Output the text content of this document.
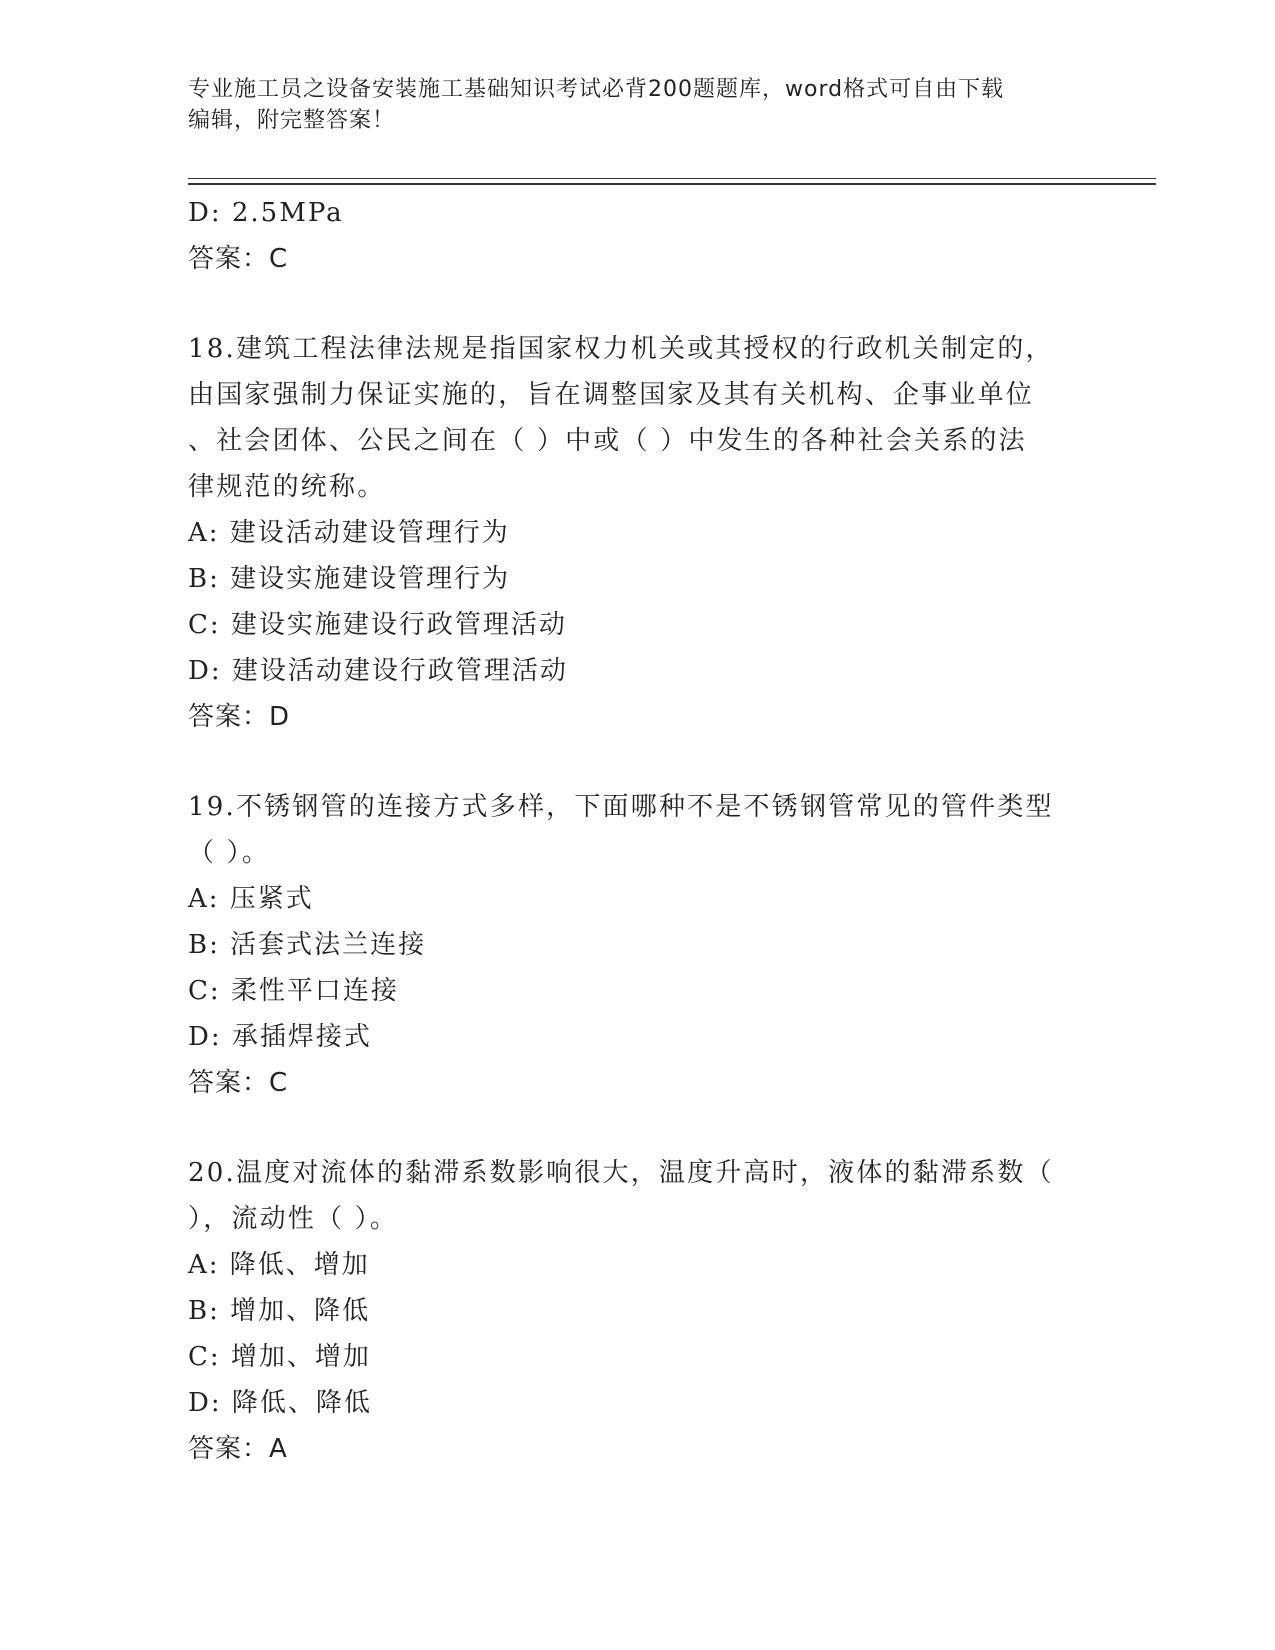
专业施工员之设备安装施工基础知识考试必背200题题库，word格式可自由下载
编辑，附完整答案！
D: 2.5MPa
答案：C
18.建筑工程法律法规是指国家权力机关或其授权的行政机关制定的，
由国家强制力保证实施的，旨在调整国家及其有关机构、企事业单位
、社会团体、公民之间在（ ）中或（ ）中发生的各种社会关系的法
律规范的统称。
A: 建设活动建设管理行为
B: 建设实施建设管理行为
C: 建设实施建设行政管理活动
D: 建设活动建设行政管理活动
答案：D
19.不锈钢管的连接方式多样，下面哪种不是不锈钢管常见的管件类型
（ ）。
A: 压紧式
B: 活套式法兰连接
C: 柔性平口连接
D: 承插焊接式
答案：C
20.温度对流体的黏滞系数影响很大，温度升高时，液体的黏滞系数（
），流动性（ ）。
A: 降低、增加
B: 增加、降低
C: 增加、增加
D: 降低、降低
答案：A
